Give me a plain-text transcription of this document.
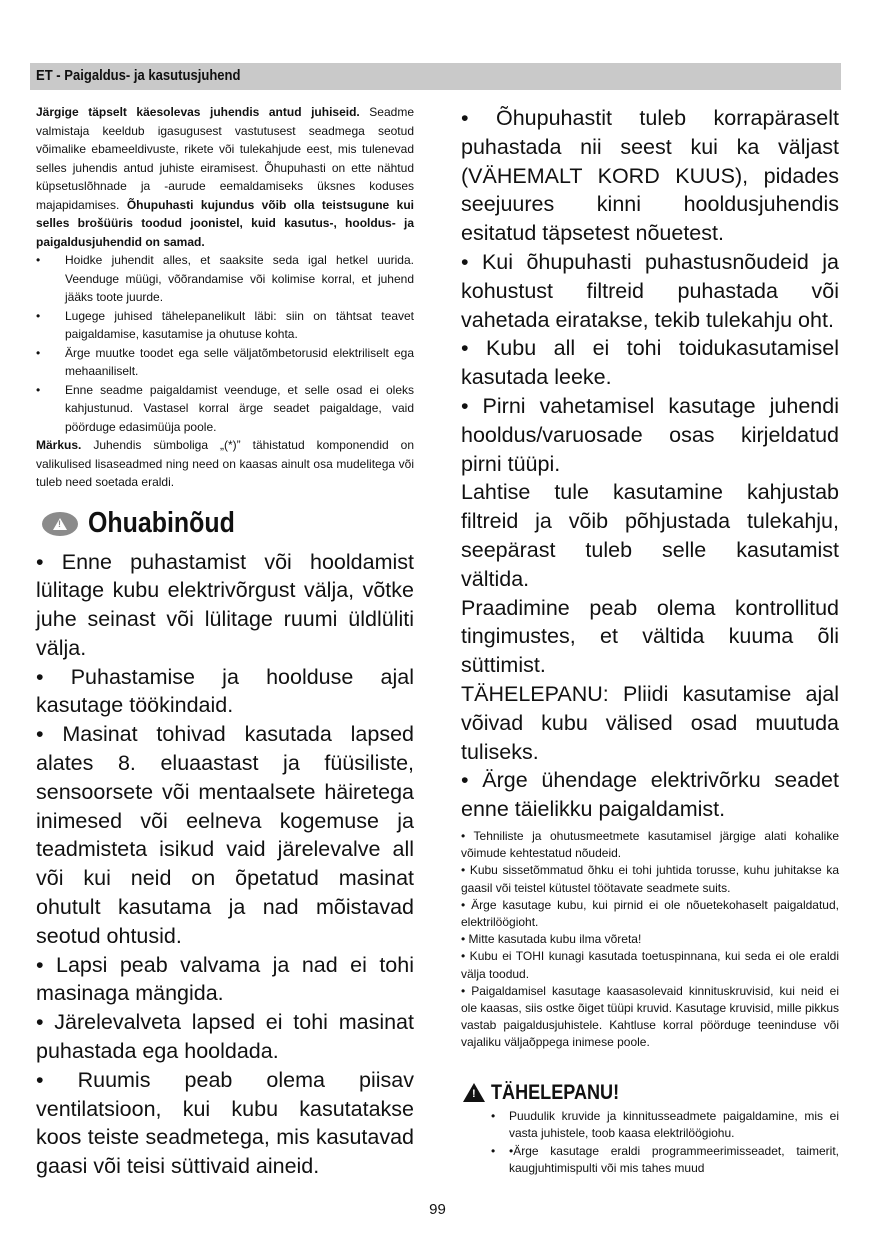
ET - Paigaldus- ja kasutusjuhend
Järgige täpselt käesolevas juhendis antud juhiseid. Seadme valmistaja keeldub igasugusest vastutusest seadmega seotud võimalike ebameeldivuste, rikete või tulekahjude eest, mis tulenevad selles juhendis antud juhiste eiramisest. Õhupuhasti on ette nähtud küpsetuslõhnade ja -aurude eemaldamiseks üksnes koduses majapidamises. Õhupuhasti kujundus võib olla teistsugune kui selles brošüüris toodud joonistel, kuid kasutus-, hooldus- ja paigaldusjuhendid on samad.
• Hoidke juhendit alles, et saaksite seda igal hetkel uurida. Veenduge müügi, võõrandamise või kolimise korral, et juhend jääks toote juurde.
• Lugege juhised tähelepanelikult läbi: siin on tähtsat teavet paigaldamise, kasutamise ja ohutuse kohta.
• Ärge muutke toodet ega selle väljatõmbetorusid elektriliselt ega mehaaniliselt.
• Enne seadme paigaldamist veenduge, et selle osad ei oleks kahjustunud. Vastasel korral ärge seadet paigaldage, vaid pöörduge edasimüüja poole.
Märkus. Juhendis sümboliga „(*)” tähistatud komponendid on valikulised lisaseadmed ning need on kaasas ainult osa mudelitega või tuleb need soetada eraldi.
!
Ohuabinõud

• Enne puhastamist või hooldamist lülitage kubu elektrivõrgust välja, võtke juhe seinast või lülitage ruumi üldlüliti välja.

• Puhastamise ja hoolduse ajal kasutage töökindaid.

• Masinat tohivad kasutada lapsed alates 8. eluaastast ja füüsiliste, sensoorsete või mentaalsete häiretega inimesed või eelneva kogemuse ja teadmisteta isikud vaid järelevalve all või kui neid on õpetatud masinat ohutult kasutama ja nad mõistavad seotud ohtusid.

• Lapsi peab valvama ja nad ei tohi masinaga mängida.

• Järelevalveta lapsed ei tohi masinat puhastada ega hooldada.

• Ruumis peab olema piisav ventilatsioon, kui kubu kasutatakse koos teiste seadmetega, mis kasutavad gaasi või teisi süttivaid aineid.

• Õhupuhastit tuleb korrapäraselt puhastada nii seest kui ka väljast (VÄHEMALT KORD KUUS), pidades seejuures kinni hooldusjuhendis esitatud täpsetest nõuetest.

• Kui õhupuhasti puhastusnõudeid ja kohustust filtreid puhastada või vahetada eiratakse, tekib tulekahju oht.

• Kubu all ei tohi toidukasutamisel kasutada leeke.

• Pirni vahetamisel kasutage juhendi hooldus/varuosade osas kirjeldatud pirni tüüpi.

Lahtise tule kasutamine kahjustab filtreid ja võib põhjustada tulekahju, seepärast tuleb selle kasutamist vältida.

Praadimine peab olema kontrollitud tingimustes, et vältida kuuma õli süttimist.

TÄHELEPANU: Pliidi kasutamise ajal võivad kubu välised osad muutuda tuliseks.

• Ärge ühendage elektrivõrku seadet enne täielikku paigaldamist.

• Tehniliste ja ohutusmeetmete kasutamisel järgige alati kohalike võimude kehtestatud nõudeid.

• Kubu sissetõmmatud õhku ei tohi juhtida torusse, kuhu juhitakse ka gaasil või teistel kütustel töötavate seadmete suits.

• Ärge kasutage kubu, kui pirnid ei ole nõuetekohaselt paigaldatud, elektrilöögioht.

• Mitte kasutada kubu ilma võreta!

• Kubu ei TOHI kunagi kasutada toetuspinnana, kui seda ei ole eraldi välja toodud.

• Paigaldamisel kasutage kaasasolevaid kinnituskruvisid, kui neid ei ole kaasas, siis ostke õiget tüüpi kruvid. Kasutage kruvisid, mille pikkus vastab paigaldusjuhistele. Kahtluse korral pöörduge teeninduse või vajaliku väljaõppega inimese poole.

!
TÄHELEPANU!
• Puudulik kruvide ja kinnitusseadmete paigaldamine, mis ei vasta juhistele, toob kaasa elektrilöögiohu.
• •Ärge kasutage eraldi programmeerimisseadet, taimerit, kaugjuhtimispulti või mis tahes muud
99
